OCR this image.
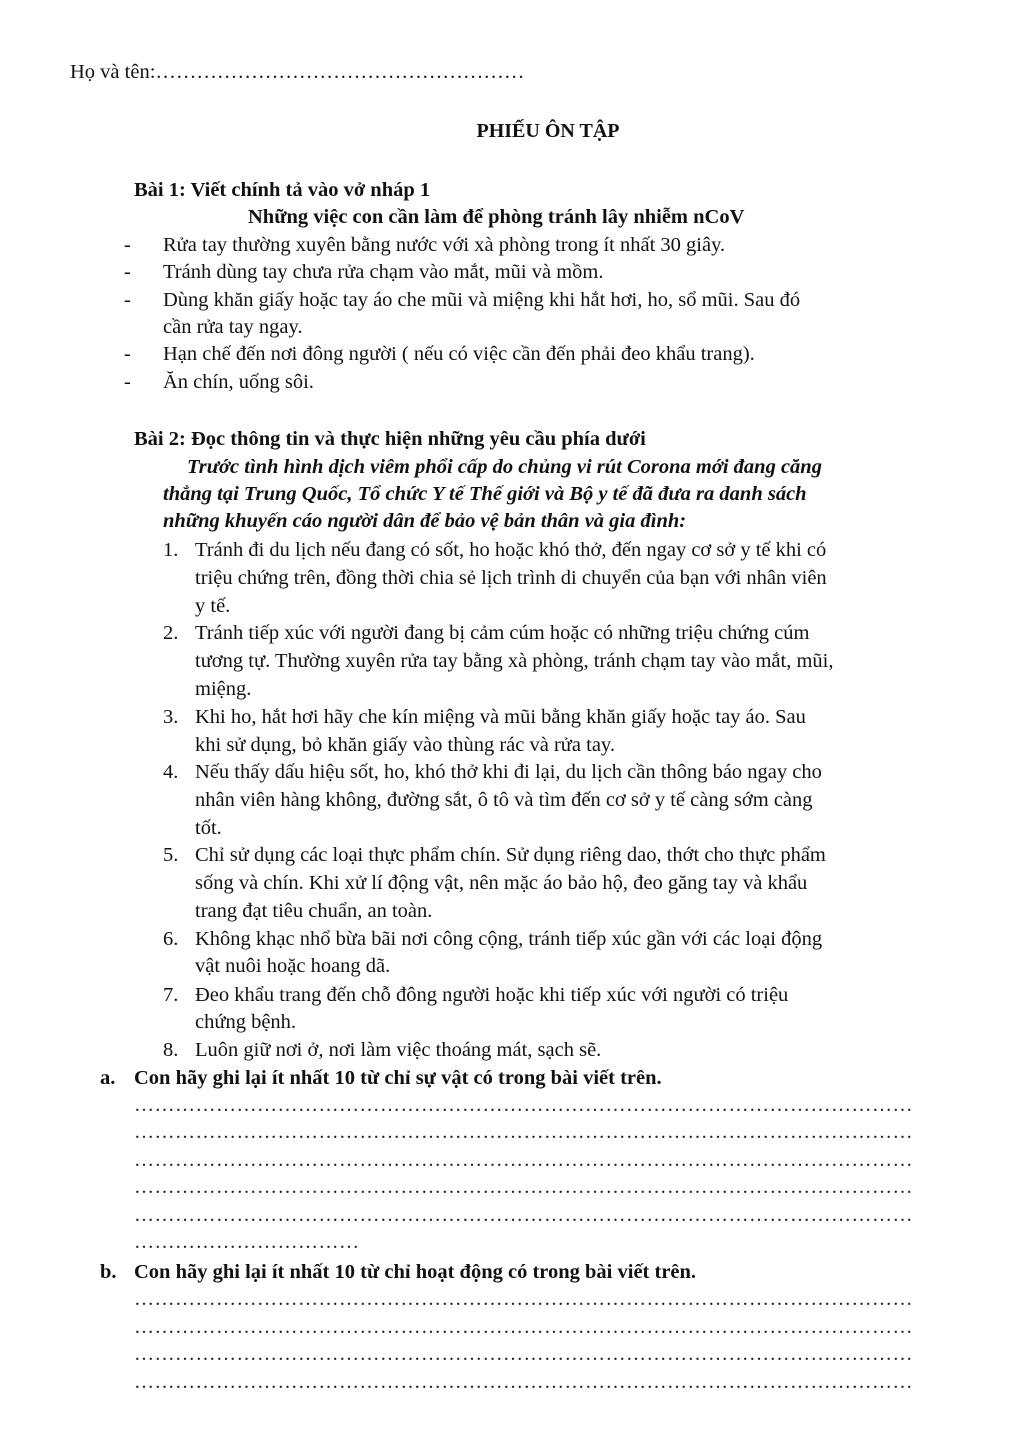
Họ và tên:………………………………………………
PHIẾU ÔN TẬP
Bài 1: Viết chính tả vào vở nháp 1
Những việc con cần làm để phòng tránh lây nhiễm nCoV
- Rửa tay thường xuyên bằng nước với xà phòng trong ít nhất 30 giây.
- Tránh dùng tay chưa rửa chạm vào mắt, mũi và mồm.
- Dùng khăn giấy hoặc tay áo che mũi và miệng khi hắt hơi, ho, sổ mũi. Sau đó
cần rửa tay ngay.
- Hạn chế đến nơi đông người ( nếu có việc cần đến phải đeo khẩu trang).
- Ăn chín, uống sôi.
Bài 2: Đọc thông tin và thực hiện những yêu cầu phía dưới
Trước tình hình dịch viêm phổi cấp do chủng vi rút Corona mới đang căng
thẳng tại Trung Quốc, Tổ chức Y tế Thế giới và Bộ y tế đã đưa ra danh sách
những khuyến cáo người dân để bảo vệ bản thân và gia đình:
1. Tránh đi du lịch nếu đang có sốt, ho hoặc khó thở, đến ngay cơ sở y tế khi có
triệu chứng trên, đồng thời chia sẻ lịch trình di chuyển của bạn với nhân viên
y tế.
2. Tránh tiếp xúc với người đang bị cảm cúm hoặc có những triệu chứng cúm
tương tự. Thường xuyên rửa tay bằng xà phòng, tránh chạm tay vào mắt, mũi,
miệng.
3. Khi ho, hắt hơi hãy che kín miệng và mũi bằng khăn giấy hoặc tay áo. Sau
khi sử dụng, bỏ khăn giấy vào thùng rác và rửa tay.
4. Nếu thấy dấu hiệu sốt, ho, khó thở khi đi lại, du lịch cần thông báo ngay cho
nhân viên hàng không, đường sắt, ô tô và tìm đến cơ sở y tế càng sớm càng
tốt.
5. Chỉ sử dụng các loại thực phẩm chín. Sử dụng riêng dao, thớt cho thực phẩm
sống và chín. Khi xử lí động vật, nên mặc áo bảo hộ, đeo găng tay và khẩu
trang đạt tiêu chuẩn, an toàn.
6. Không khạc nhổ bừa bãi nơi công cộng, tránh tiếp xúc gần với các loại động
vật nuôi hoặc hoang dã.
7. Đeo khẩu trang đến chỗ đông người hoặc khi tiếp xúc với người có triệu
chứng bệnh.
8. Luôn giữ nơi ở, nơi làm việc thoáng mát, sạch sẽ.
a. Con hãy ghi lại ít nhất 10 từ chỉ sự vật có trong bài viết trên.
……………………………………………………………………………………………………
……………………………………………………………………………………………………
……………………………………………………………………………………………………
……………………………………………………………………………………………………
……………………………………………………………………………………………………
……………………………
b. Con hãy ghi lại ít nhất 10 từ chỉ hoạt động có trong bài viết trên.
……………………………………………………………………………………………………
……………………………………………………………………………………………………
……………………………………………………………………………………………………
……………………………………………………………………………………………………
